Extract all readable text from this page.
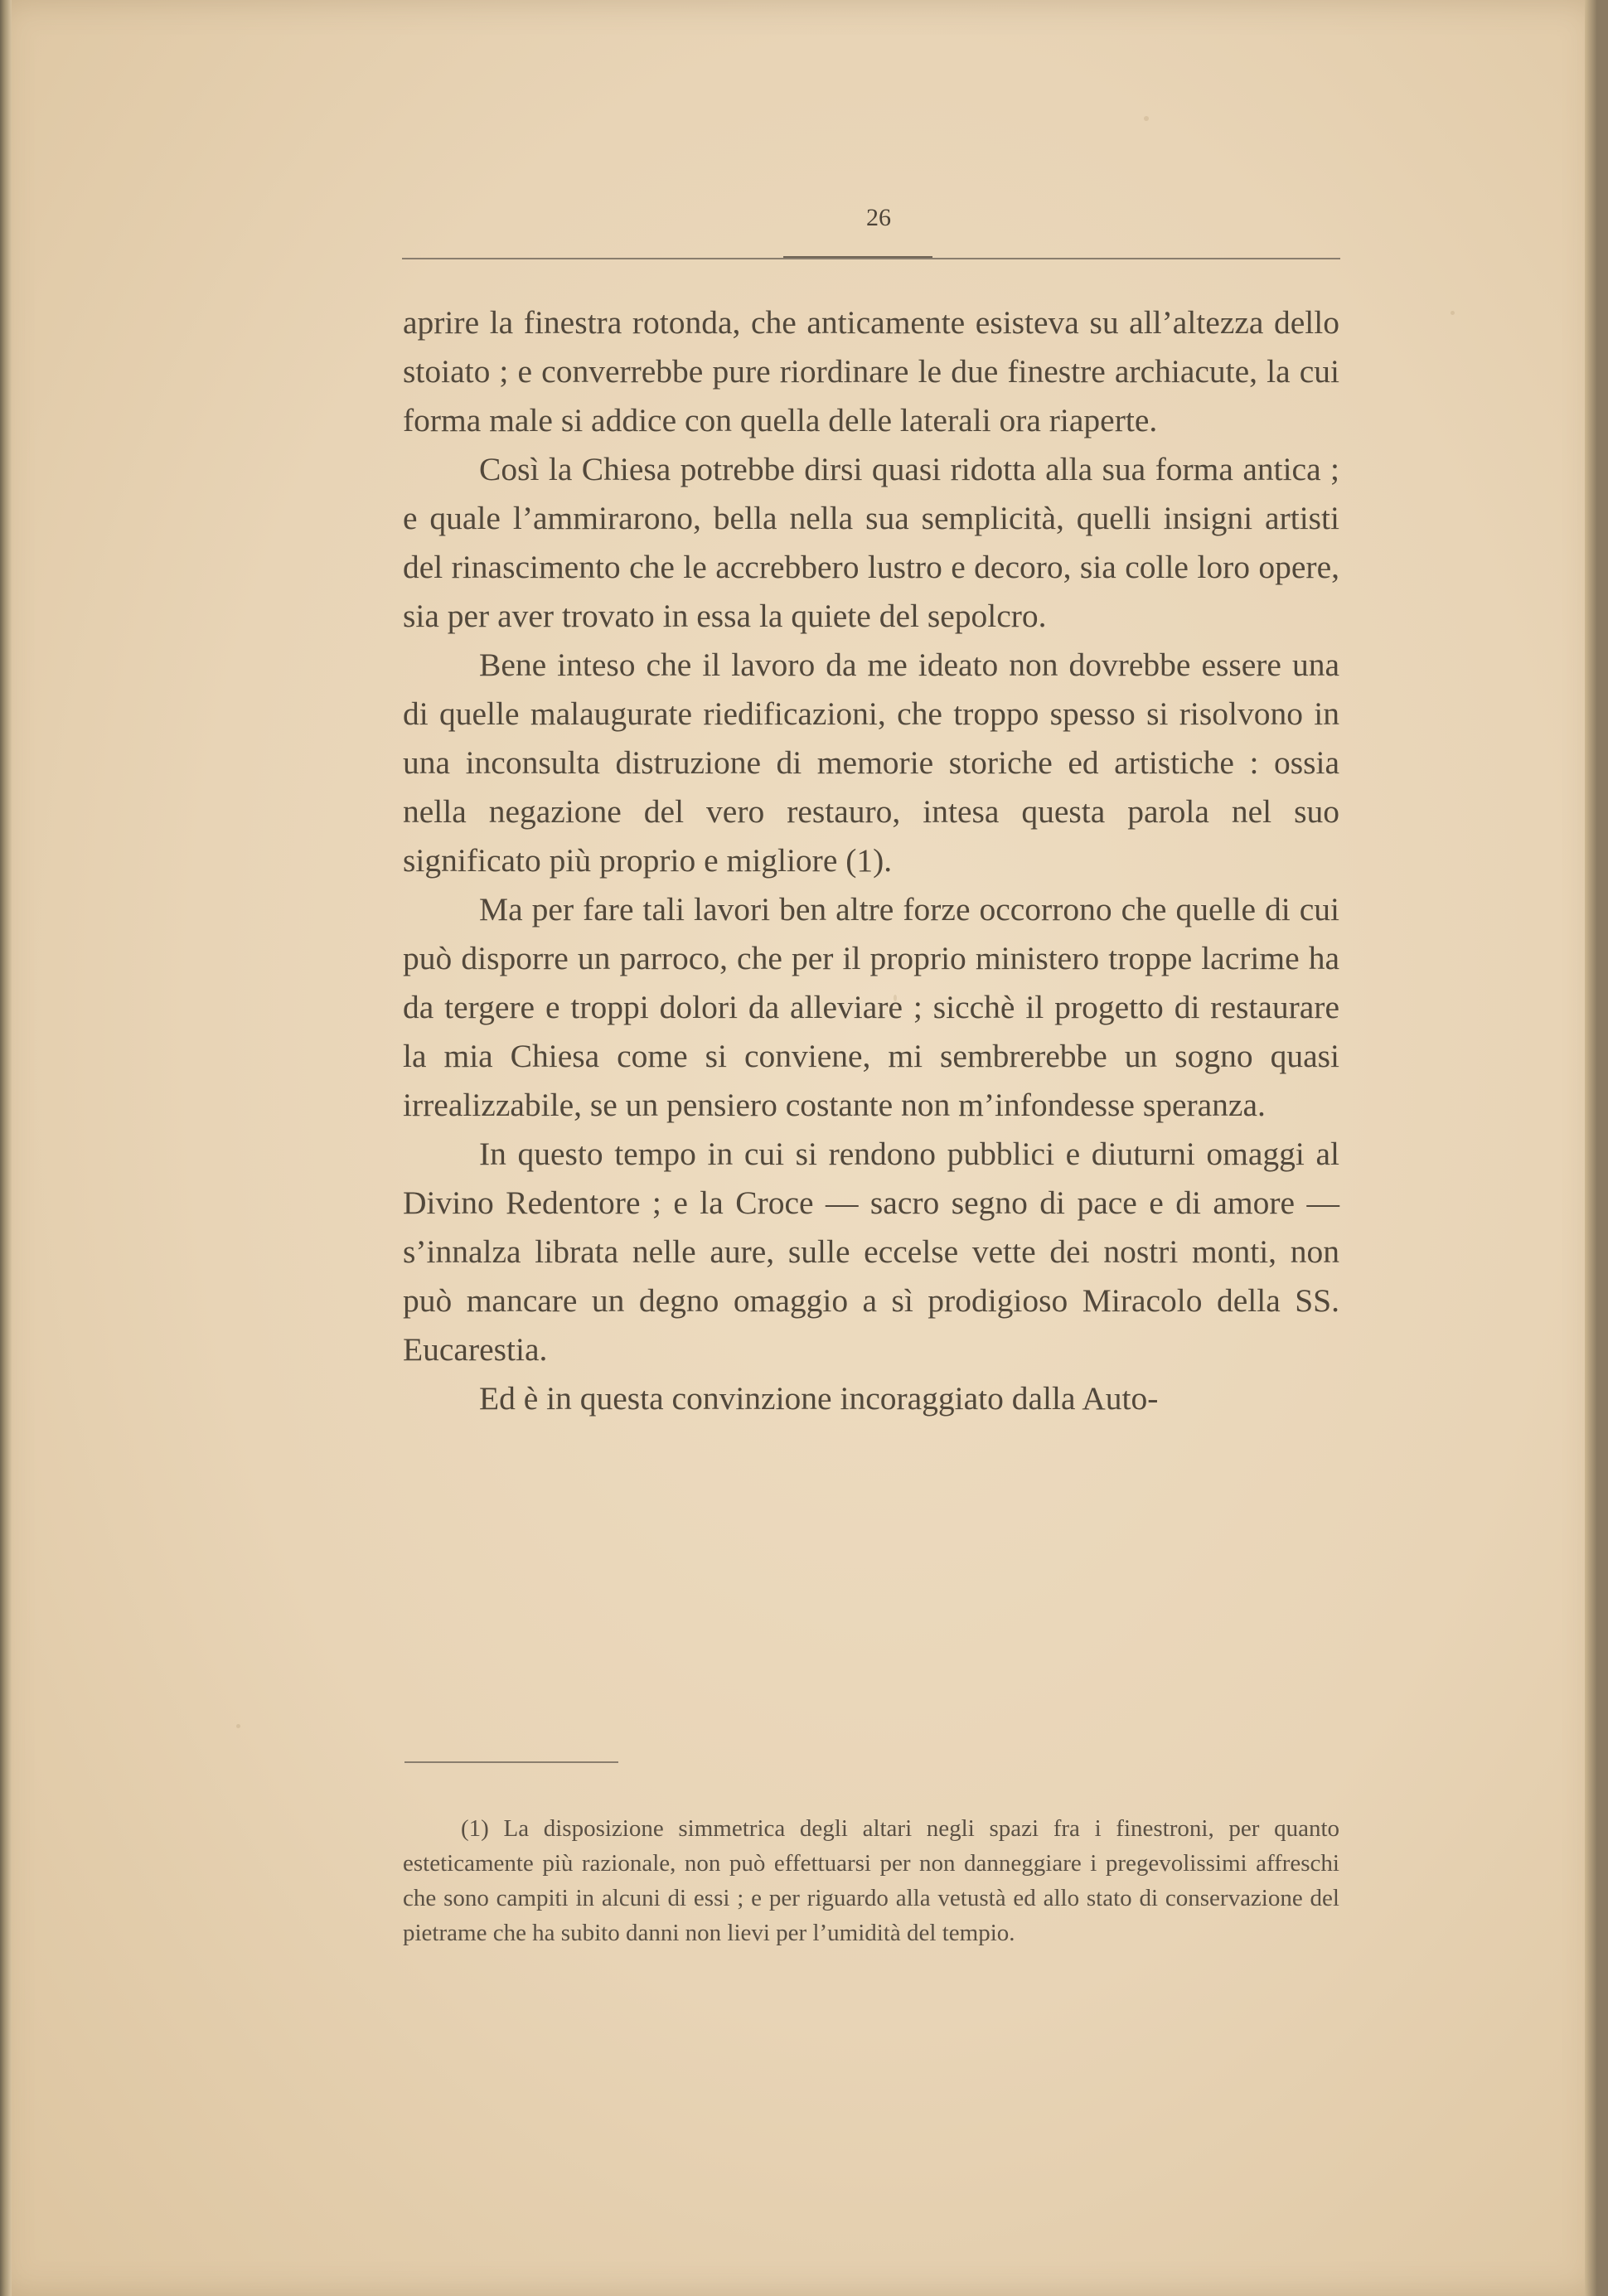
26

aprire la finestra rotonda, che anticamente esisteva su all’altezza dello stoiato ; e converrebbe pure riordinare le due finestre archiacute, la cui forma male si addice con quella delle laterali ora riaperte.

Così la Chiesa potrebbe dirsi quasi ridotta alla sua forma antica ; e quale l’ammirarono, bella nella sua semplicità, quelli insigni artisti del rinascimento che le accrebbero lustro e decoro, sia colle loro opere, sia per aver trovato in essa la quiete del sepolcro.

Bene inteso che il lavoro da me ideato non dovrebbe essere una di quelle malaugurate riedificazioni, che troppo spesso si risolvono in una inconsulta distruzione di memorie storiche ed artistiche : ossia nella negazione del vero restauro, intesa questa parola nel suo significato più proprio e migliore (1).

Ma per fare tali lavori ben altre forze occorrono che quelle di cui può disporre un parroco, che per il proprio ministero troppe lacrime ha da tergere e troppi dolori da alleviare ; sicchè il progetto di restaurare la mia Chiesa come si conviene, mi sembrerebbe un sogno quasi irrealizzabile, se un pensiero costante non m’infondesse speranza.

In questo tempo in cui si rendono pubblici e diuturni omaggi al Divino Redentore ; e la Croce — sacro segno di pace e di amore — s’innalza librata nelle aure, sulle eccelse vette dei nostri monti, non può mancare un degno omaggio a sì prodigioso Miracolo della SS. Eucarestia.

Ed è in questa convinzione incoraggiato dalla Auto-

(1) La disposizione simmetrica degli altari negli spazi fra i finestroni, per quanto esteticamente più razionale, non può effettuarsi per non danneggiare i pregevolissimi affreschi che sono campiti in alcuni di essi ; e per riguardo alla vetustà ed allo stato di conservazione del pietrame che ha subito danni non lievi per l’umidità del tempio.
